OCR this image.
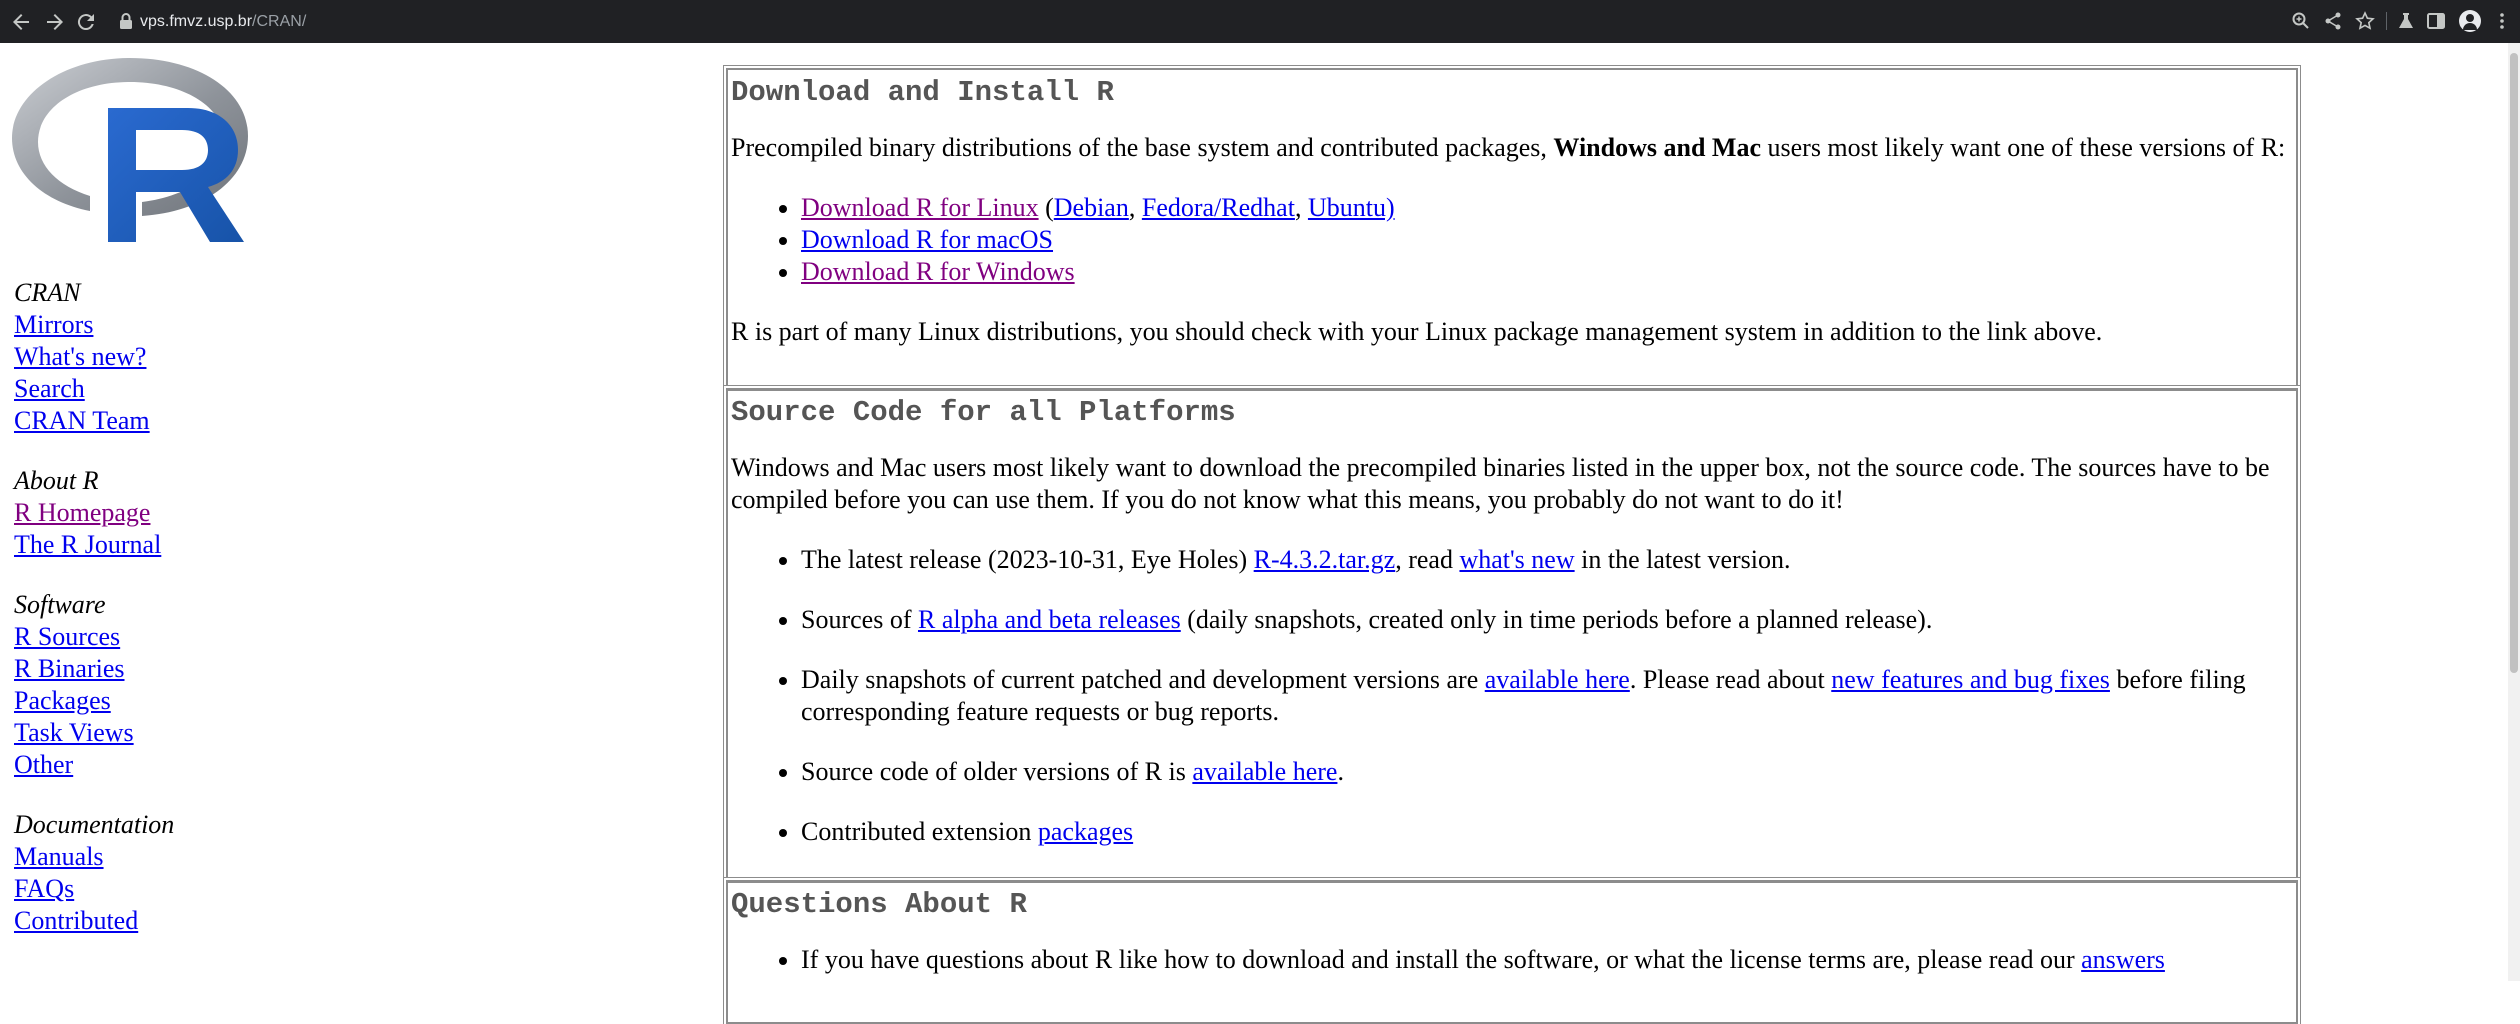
vps.fmvz.usp.br/CRAN/
CRAN
Mirrors
What's new?
Search
CRAN Team
About R
R Homepage
The R Journal
Software
R Sources
R Binaries
Packages
Task Views
Other
Documentation
Manuals
FAQs
Contributed
Download and Install R

Precompiled binary distributions of the base system and contributed packages, Windows and Mac users most likely want one of these versions of R:

• Download R for Linux (Debian, Fedora/Redhat, Ubuntu)
• Download R for macOS
• Download R for Windows

R is part of many Linux distributions, you should check with your Linux package management system in addition to the link above.

Source Code for all Platforms

Windows and Mac users most likely want to download the precompiled binaries listed in the upper box, not the source code. The sources have to be compiled before you can use them. If you do not know what this means, you probably do not want to do it!

• The latest release (2023-10-31, Eye Holes) R-4.3.2.tar.gz, read what's new in the latest version.
• Sources of R alpha and beta releases (daily snapshots, created only in time periods before a planned release).
• Daily snapshots of current patched and development versions are available here. Please read about new features and bug fixes before filing corresponding feature requests or bug reports.
• Source code of older versions of R is available here.
• Contributed extension packages
Questions About R
• If you have questions about R like how to download and install the software, or what the license terms are, please read our answers
